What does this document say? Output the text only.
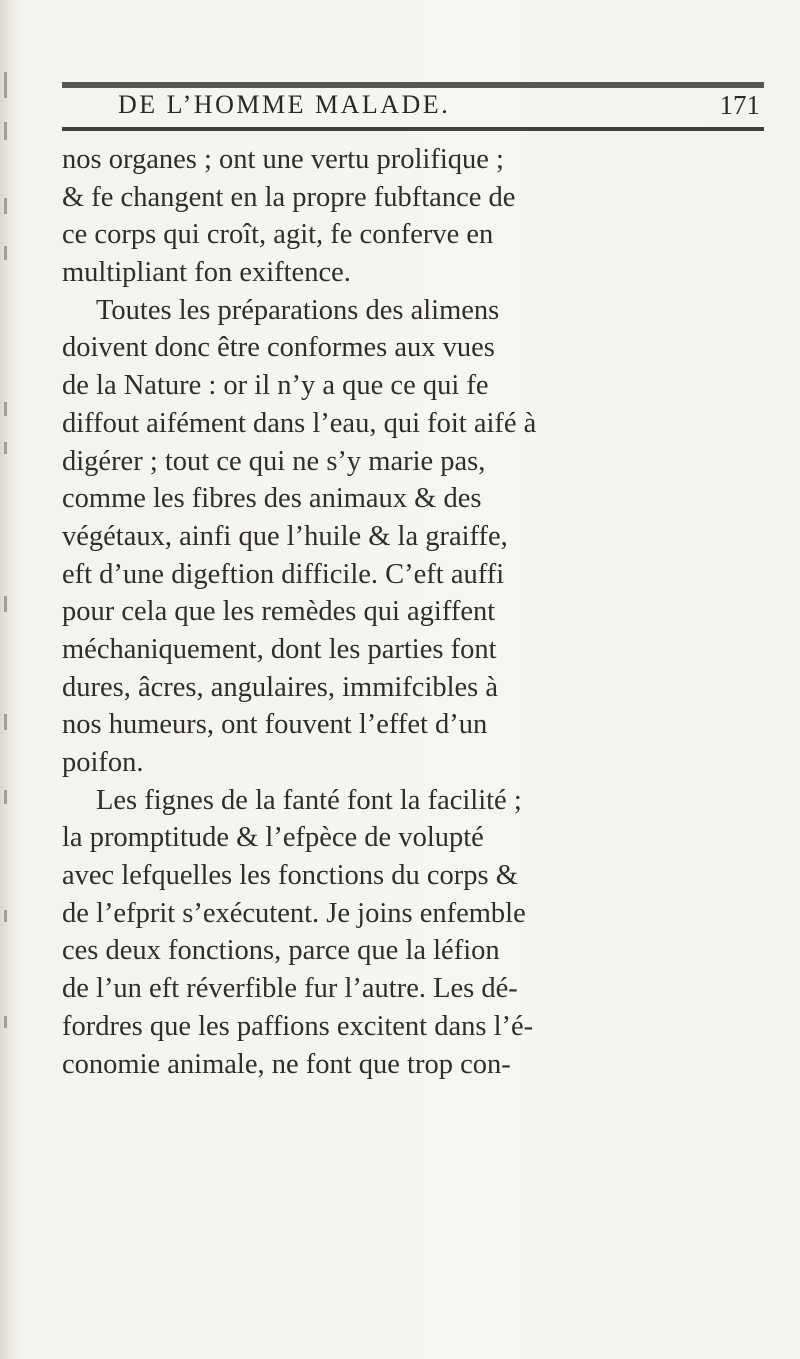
DE L’HOMME MALADE.	171
nos organes ; ont une vertu prolifique ;
& fe changent en la propre fubftance de
ce corps qui croît, agit, fe conferve en
multipliant fon exiftence.
Toutes les préparations des alimens
doivent donc être conformes aux vues
de la Nature : or il n’y a que ce qui fe
diffout aifément dans l’eau, qui foit aifé à
digérer ; tout ce qui ne s’y marie pas,
comme les fibres des animaux & des
végétaux, ainfi que l’huile & la graiffe,
eft d’une digeftion difficile. C’eft auffi
pour cela que les remèdes qui agiffent
méchaniquement, dont les parties font
dures, âcres, angulaires, immifcibles à
nos humeurs, ont fouvent l’effet d’un
poifon.
Les fignes de la fanté font la facilité ;
la promptitude & l’efpèce de volupté
avec lefquelles les fonctions du corps &
de l’efprit s’exécutent. Je joins enfemble
ces deux fonctions, parce que la léfion
de l’un eft réverfible fur l’autre. Les dé-
fordres que les paffions excitent dans l’é-
conomie animale, ne font que trop con-
